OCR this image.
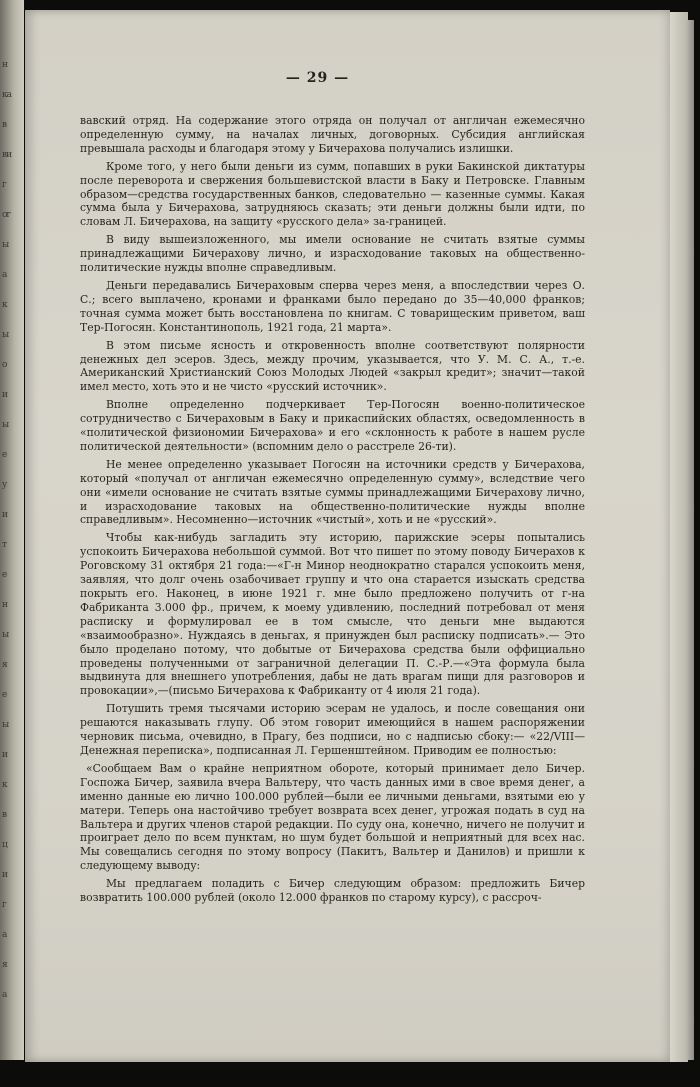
н
ка
в
ви
г
ог
ы
а
к
ы
о
и
ы
е
у
и
т
е
н
ы
я
е
ы
и
к
в
ц
и
г
а
я
а
— 29 —

вавский отряд. На содержание этого отряда он получал от англичан ежемесячно определенную сумму, на началах личных, договорных. Субсидия английская превышала расходы и благодаря этому у Бичерахова получались излишки.

Кроме того, у него были деньги из сумм, попавших в руки Бакинской диктатуры после переворота и свержения большевистской власти в Баку и Петровске. Главным образом—средства государственных банков, следовательно — казенные суммы. Какая сумма была у Бичерахова, затрудняюсь сказать; эти деньги должны были идти, по словам Л. Бичерахова, на защиту «русского дела» за-границей.

В виду вышеизложенного, мы имели основание не считать взятые суммы принадлежащими Бичерахову лично, и израсходование таковых на общественно-политические нужды вполне справедливым.

Деньги передавались Бичераховым сперва через меня, а впоследствии через О. С.; всего выплачено, кронами и франками было передано до 35—40,000 франков; точная сумма может быть восстановлена по книгам. С товарищеским приветом, ваш Тер-Погосян. Константинополь, 1921 года, 21 марта».

В этом письме ясность и откровенность вполне соответствуют полярности денежных дел эсеров. Здесь, между прочим, указывается, что У. М. С. А., т.-е. Американский Христианский Союз Молодых Людей «закрыл кредит»; значит—такой имел место, хоть это и не чисто «русский источник».

Вполне определенно подчеркивает Тер-Погосян военно-политическое сотрудничество с Бичераховым в Баку и прикаспийских областях, осведомленность в «политической физиономии Бичерахова» и его «склонность к работе в нашем русле политической деятельности» (вспомним дело о расстреле 26-ти).

Не менее определенно указывает Погосян на источники средств у Бичерахова, который «получал от англичан ежемесячно определенную сумму», вследствие чего они «имели основание не считать взятые суммы принадлежащими Бичерахову лично, и израсходование таковых на общественно-политические нужды вполне справедливым». Несомненно—источник «чистый», хоть и не «русский».

Чтобы как-нибудь загладить эту историю, парижские эсеры попытались успокоить Бичерахова небольшой суммой. Вот что пишет по этому поводу Бичерахов к Роговскому 31 октября 21 года:—«Г-н Минор неоднократно старался успокоить меня, заявляя, что долг очень озабочивает группу и что она старается изыскать средства покрыть его. Наконец, в июне 1921 г. мне было предложено получить от г-на Фабриканта 3.000 фр., причем, к моему удивлению, последний потребовал от меня расписку и формулировал ее в том смысле, что деньги мне выдаются «взаимообразно». Нуждаясь в деньгах, я принужден был расписку подписать».— Это было проделано потому, что добытые от Бичерахова средства были оффициально проведены полученными от заграничной делегации П. С.-Р.—«Эта формула была выдвинута для внешнего употребления, дабы не дать врагам пищи для разговоров и провокации»,—(письмо Бичерахова к Фабриканту от 4 июля 21 года).

Потушить тремя тысячами историю эсерам не удалось, и после совещания они решаются наказывать глупу. Об этом говорит имеющийся в нашем распоряжении черновик письма, очевидно, в Прагу, без подписи, но с надписью сбоку:— «22/VIII—Денежная переписка», подписанная Л. Гершенштейном. Приводим ее полностью:

«Сообщаем Вам о крайне неприятном обороте, который принимает дело Бичер. Госпожа Бичер, заявила вчера Вальтеру, что часть данных ими в свое время денег, а именно данные ею лично 100.000 рублей—были ее личными деньгами, взятыми ею у матери. Теперь она настойчиво требует возврата всех денег, угрожая подать в суд на Вальтера и других членов старой редакции. По суду она, конечно, ничего не получит и проиграет дело по всем пунктам, но шум будет большой и неприятный для всех нас. Мы совещались сегодня по этому вопросу (Пакитъ, Вальтер и Данилов) и пришли к следующему выводу:

Мы предлагаем поладить с Бичер следующим образом: предложить Бичер возвратить 100.000 рублей (около 12.000 франков по старому курсу), с рассроч-
